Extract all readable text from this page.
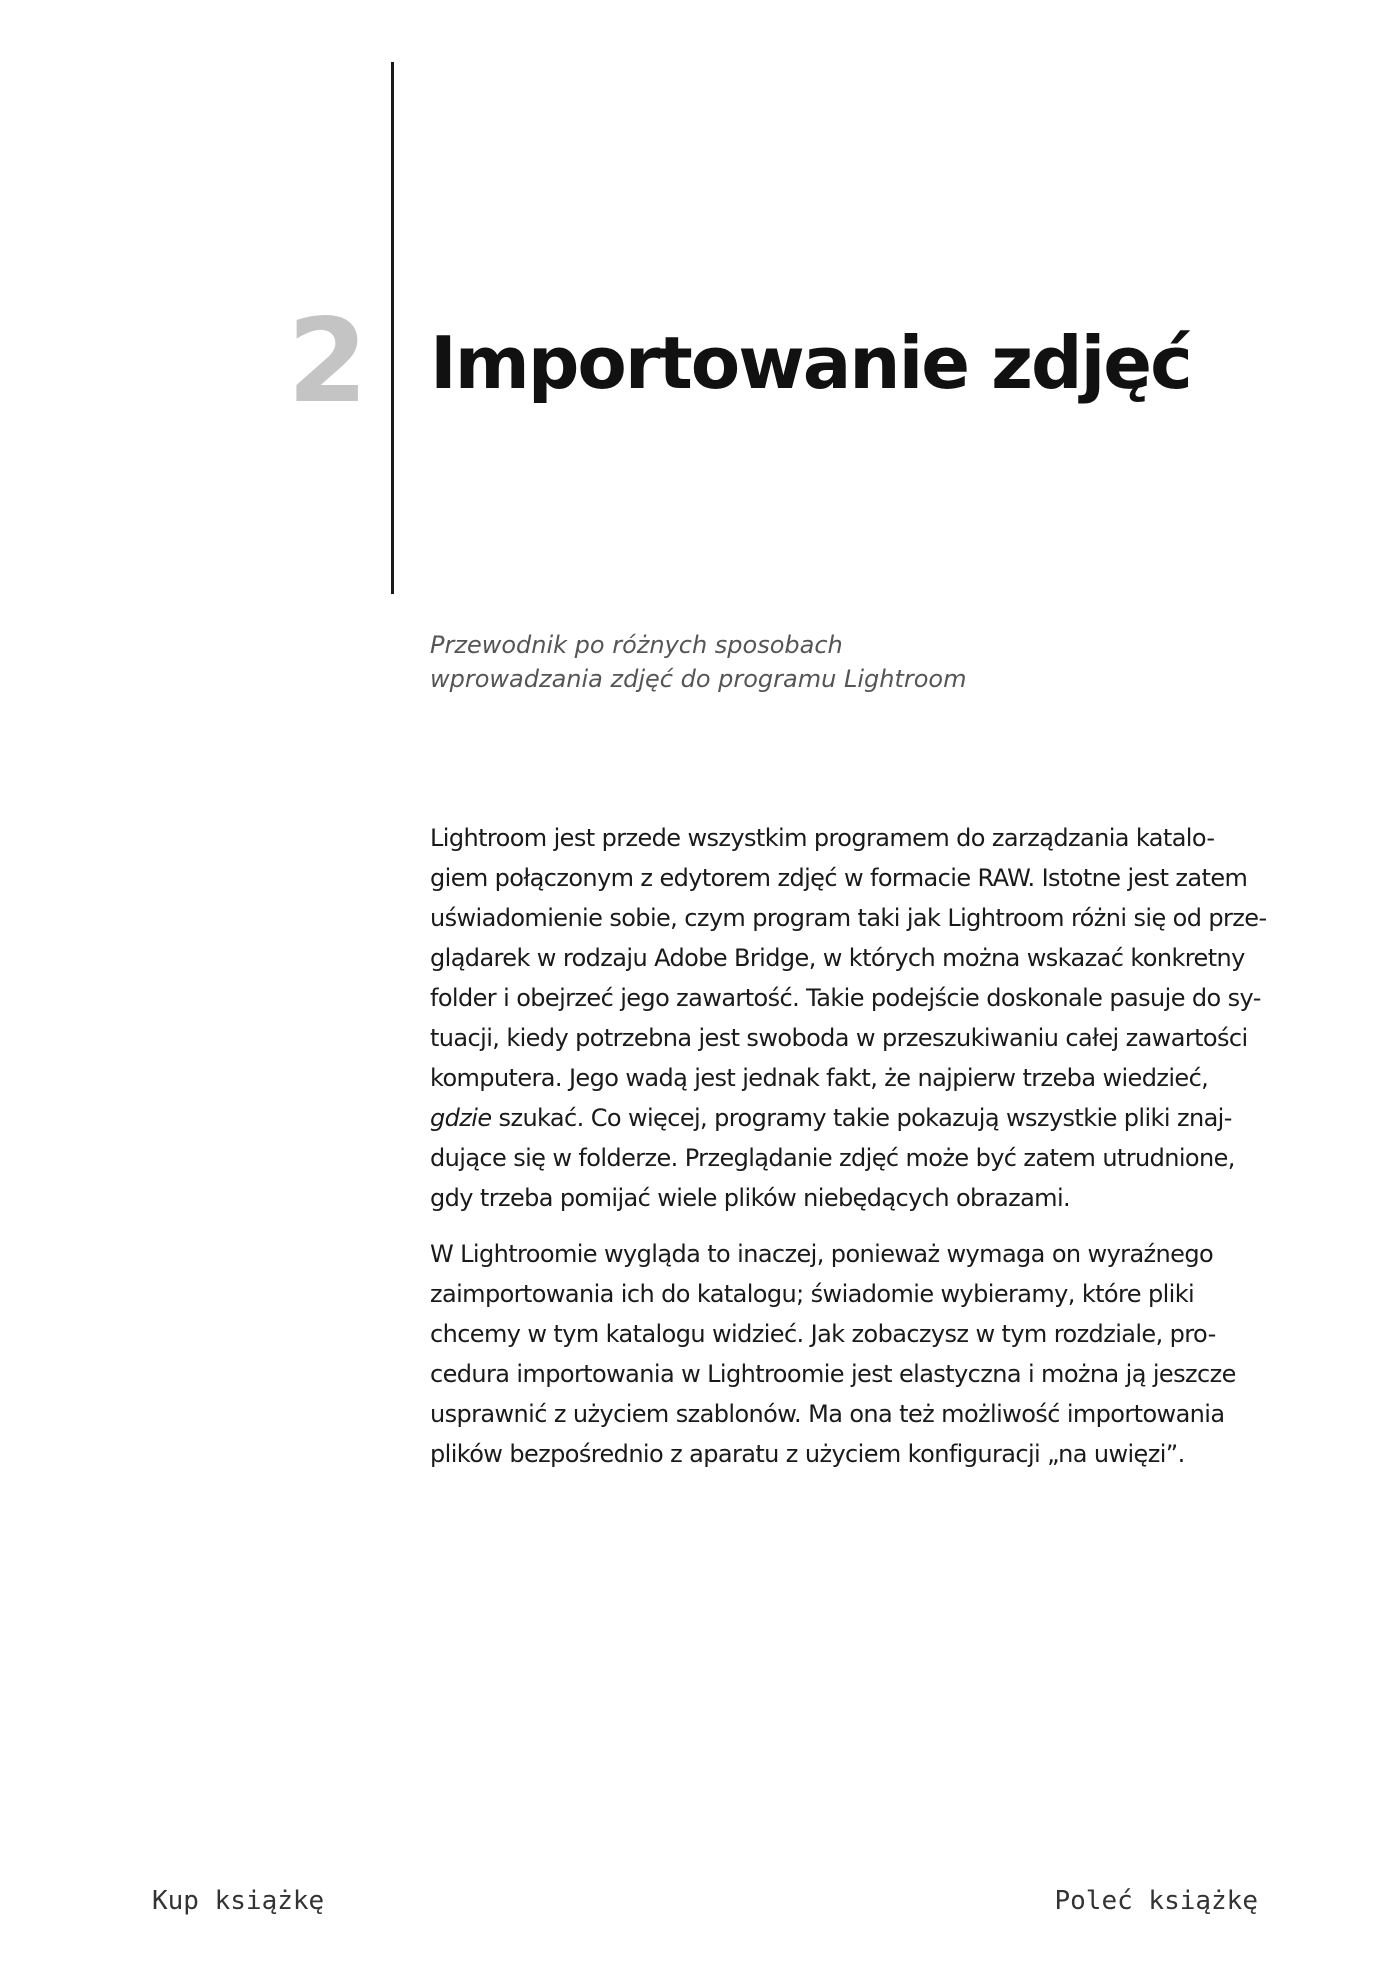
2 Importowanie zdjęć
Przewodnik po różnych sposobach
wprowadzania zdjęć do programu Lightroom

Lightroom jest przede wszystkim programem do zarządzania katalo-
giem połączonym z edytorem zdjęć w formacie RAW. Istotne jest zatem
uświadomienie sobie, czym program taki jak Lightroom różni się od prze-
glądarek w rodzaju Adobe Bridge, w których można wskazać konkretny
folder i obejrzeć jego zawartość. Takie podejście doskonale pasuje do sy-
tuacji, kiedy potrzebna jest swoboda w przeszukiwaniu całej zawartości
komputera. Jego wadą jest jednak fakt, że najpierw trzeba wiedzieć,
gdzie szukać. Co więcej, programy takie pokazują wszystkie pliki znaj-
dujące się w folderze. Przeglądanie zdjęć może być zatem utrudnione,
gdy trzeba pomijać wiele plików niebędących obrazami.

W Lightroomie wygląda to inaczej, ponieważ wymaga on wyraźnego
zaimportowania ich do katalogu; świadomie wybieramy, które pliki
chcemy w tym katalogu widzieć. Jak zobaczysz w tym rozdziale, pro-
cedura importowania w Lightroomie jest elastyczna i można ją jeszcze
usprawnić z użyciem szablonów. Ma ona też możliwość importowania
plików bezpośrednio z aparatu z użyciem konfiguracji „na uwięzi”.

Kup książkę	Poleć książkę
